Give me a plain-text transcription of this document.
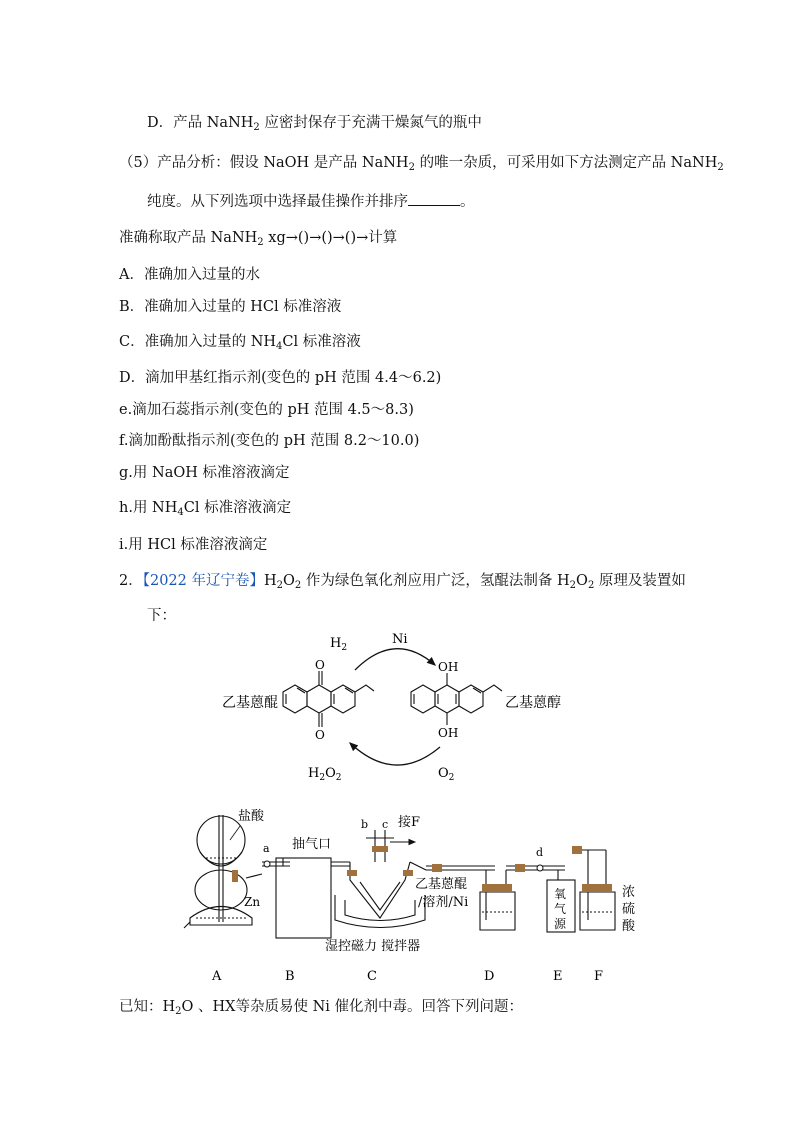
D．产品 NaNH$_2$ 应密封保存于充满干燥氮气的瓶中
（5）产品分析：假设 NaOH 是产品 NaNH$_2$ 的唯一杂质，可采用如下方法测定产品 NaNH$_2$
纯度。从下列选项中选择最佳操作并排序	。
准确称取产品 NaNH$_2$ xg→()→()→()→计算
A．准确加入过量的水
B．准确加入过量的 HCl 标准溶液
C．准确加入过量的 $NH_4Cl$ 标准溶液
D．滴加甲基红指示剂(变色的 pH 范围 4.4～6.2)
e.滴加石蕊指示剂(变色的 pH 范围 4.5～8.3)
f.滴加酚酞指示剂(变色的 pH 范围 8.2～10.0)
g.用 NaOH 标准溶液滴定
h.用 $NH_4Cl$ 标准溶液滴定
i.用 HCl 标准溶液滴定
2．【2022 年辽宁卷】$H_2O_2$ 作为绿色氧化剂应用广泛，氢醌法制备 $H_2O_2$ 原理及装置如
下：
$H_2$
Ni
$H_2O_2$	$O_2$
乙基蒽醌
O
O
OH
OH
乙基蒽醇
盐酸
Zn
a 抽气口
b c 接F
乙基蒽醌
/溶剂/Ni
湿控磁力 搅拌器
d
氧
气
源
浓
硫
酸
A	B	C	D	E F
已知：$H_2O$ 、HX等杂质易使 Ni 催化剂中毒。回答下列问题：
